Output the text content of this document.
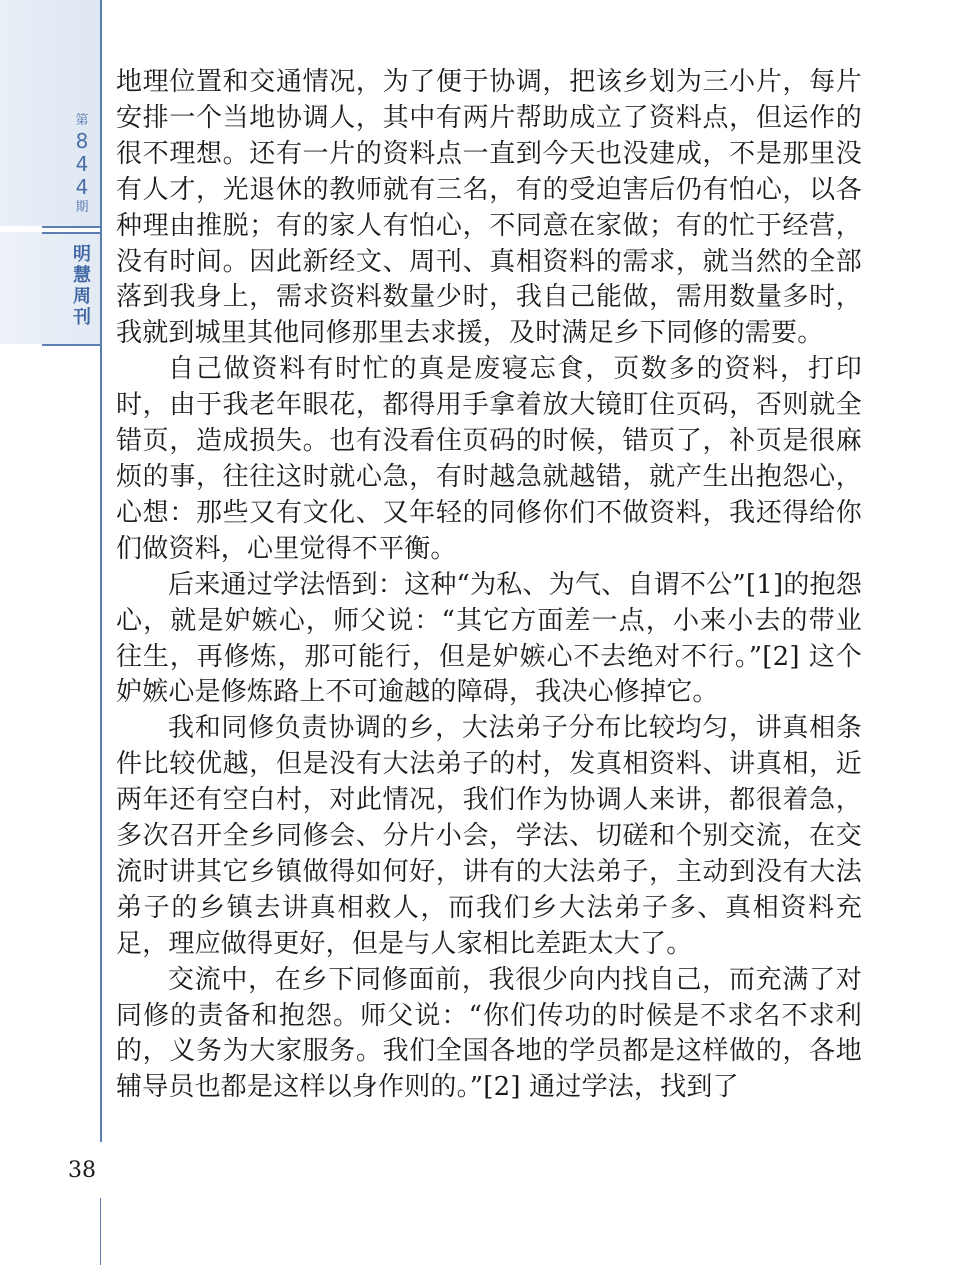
第
844
期
明
慧
周
刊

地理位置和交通情况，为了便于协调，把该乡划为三小片，每片安排一个当地协调人，其中有两片帮助成立了资料点，但运作的很不理想。还有一片的资料点一直到今天也没建成，不是那里没有人才，光退休的教师就有三名，有的受迫害后仍有怕心，以各种理由推脱；有的家人有怕心，不同意在家做；有的忙于经营，没有时间。因此新经文、周刊、真相资料的需求，就当然的全部落到我身上，需求资料数量少时，我自己能做，需用数量多时，我就到城里其他同修那里去求援，及时满足乡下同修的需要。

自己做资料有时忙的真是废寝忘食，页数多的资料，打印时，由于我老年眼花，都得用手拿着放大镜盯住页码，否则就全错页，造成损失。也有没看住页码的时候，错页了，补页是很麻烦的事，往往这时就心急，有时越急就越错，就产生出抱怨心，心想：那些又有文化、又年轻的同修你们不做资料，我还得给你们做资料，心里觉得不平衡。

后来通过学法悟到：这种“为私、为气、自谓不公”[1]的抱怨心，就是妒嫉心，师父说：“其它方面差一点，小来小去的带业往生，再修炼，那可能行，但是妒嫉心不去绝对不行。”[2] 这个妒嫉心是修炼路上不可逾越的障碍，我决心修掉它。

我和同修负责协调的乡，大法弟子分布比较均匀，讲真相条件比较优越，但是没有大法弟子的村，发真相资料、讲真相，近两年还有空白村，对此情况，我们作为协调人来讲，都很着急，多次召开全乡同修会、分片小会，学法、切磋和个别交流，在交流时讲其它乡镇做得如何好，讲有的大法弟子，主动到没有大法弟子的乡镇去讲真相救人，而我们乡大法弟子多、真相资料充足，理应做得更好，但是与人家相比差距太大了。

交流中，在乡下同修面前，我很少向内找自己，而充满了对同修的责备和抱怨。师父说：“你们传功的时候是不求名不求利的，义务为大家服务。我们全国各地的学员都是这样做的，各地辅导员也都是这样以身作则的。”[2] 通过学法，找到了

38
